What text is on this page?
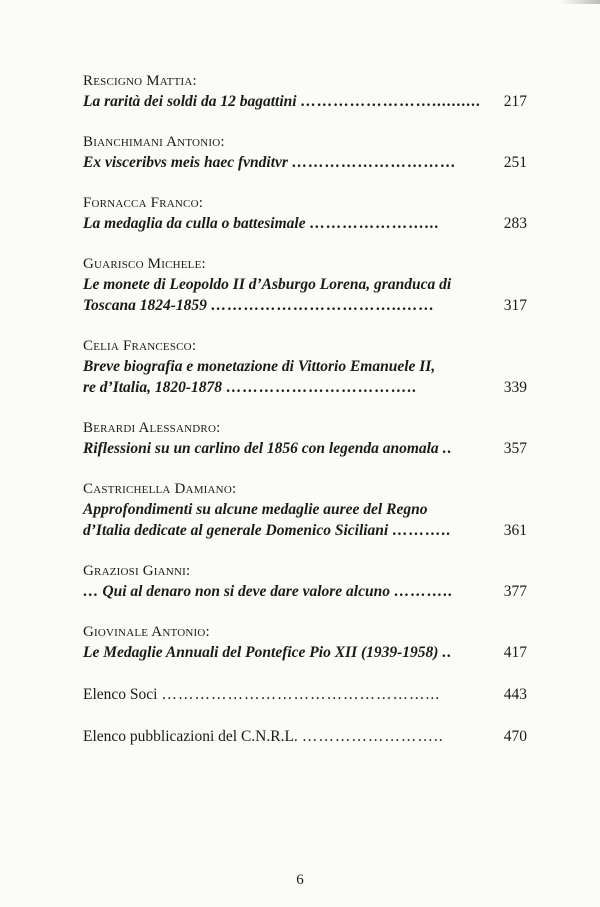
Rescigno Mattia:
La rarità dei soldi da 12 bagattini ……………………..........	217
Bianchimani Antonio:
Ex visceribvs meis haec fvnditvr …………………………	251
Fornacca Franco:
La medaglia da culla o battesimale …………………...	283
Guarisco Michele:
Le monete di Leopoldo II d’Asburgo Lorena, granduca di
Toscana 1824-1859 ……………………………..……	317
Celia Francesco:
Breve biografia e monetazione di Vittorio Emanuele II,
re d’Italia, 1820-1878 ……………………………..	339
Berardi Alessandro:
Riflessioni su un carlino del 1856 con legenda anomala ..	357
Castrichella Damiano:
Approfondimenti su alcune medaglie auree del Regno
d’Italia dedicate al generale Domenico Siciliani ………..	361
Graziosi Gianni:
… Qui al denaro non si deve dare valore alcuno ………..	377
Giovinale Antonio:
Le Medaglie Annuali del Pontefice Pio XII (1939-1958) ..	417
Elenco Soci …………………………………………...	443
Elenco pubblicazioni del C.N.R.L. ……………………..	470
6
